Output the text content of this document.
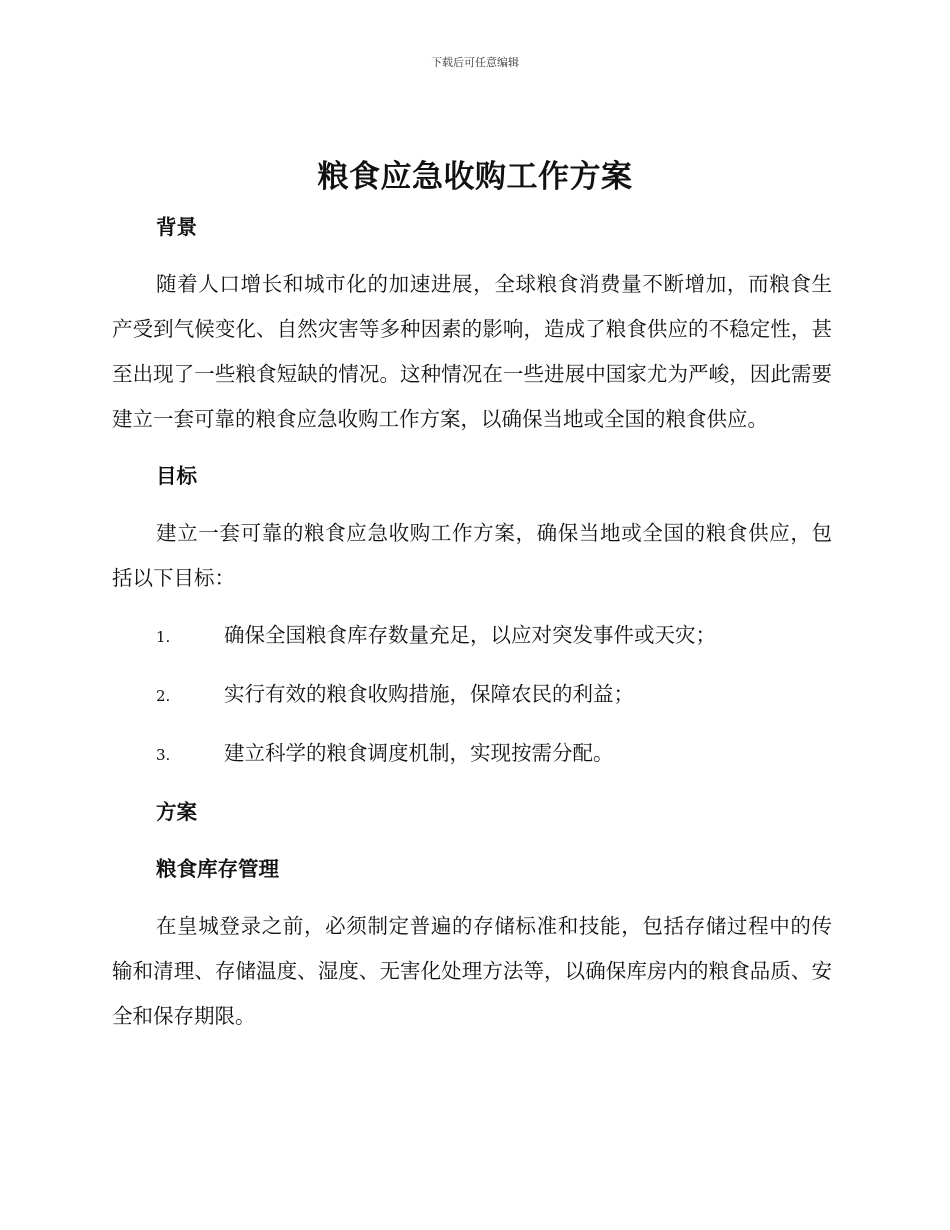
下载后可任意编辑
粮食应急收购工作方案

背景

随着人口增长和城市化的加速进展，全球粮食消费量不断增加，而粮食生产受到气候变化、自然灾害等多种因素的影响，造成了粮食供应的不稳定性，甚至出现了一些粮食短缺的情况。这种情况在一些进展中国家尤为严峻，因此需要建立一套可靠的粮食应急收购工作方案，以确保当地或全国的粮食供应。

目标

建立一套可靠的粮食应急收购工作方案，确保当地或全国的粮食供应，包括以下目标：

1.	确保全国粮食库存数量充足，以应对突发事件或天灾；
2.	实行有效的粮食收购措施，保障农民的利益；
3.	建立科学的粮食调度机制，实现按需分配。

方案

粮食库存管理

在皇城登录之前，必须制定普遍的存储标准和技能，包括存储过程中的传输和清理、存储温度、湿度、无害化处理方法等，以确保库房内的粮食品质、安全和保存期限。
